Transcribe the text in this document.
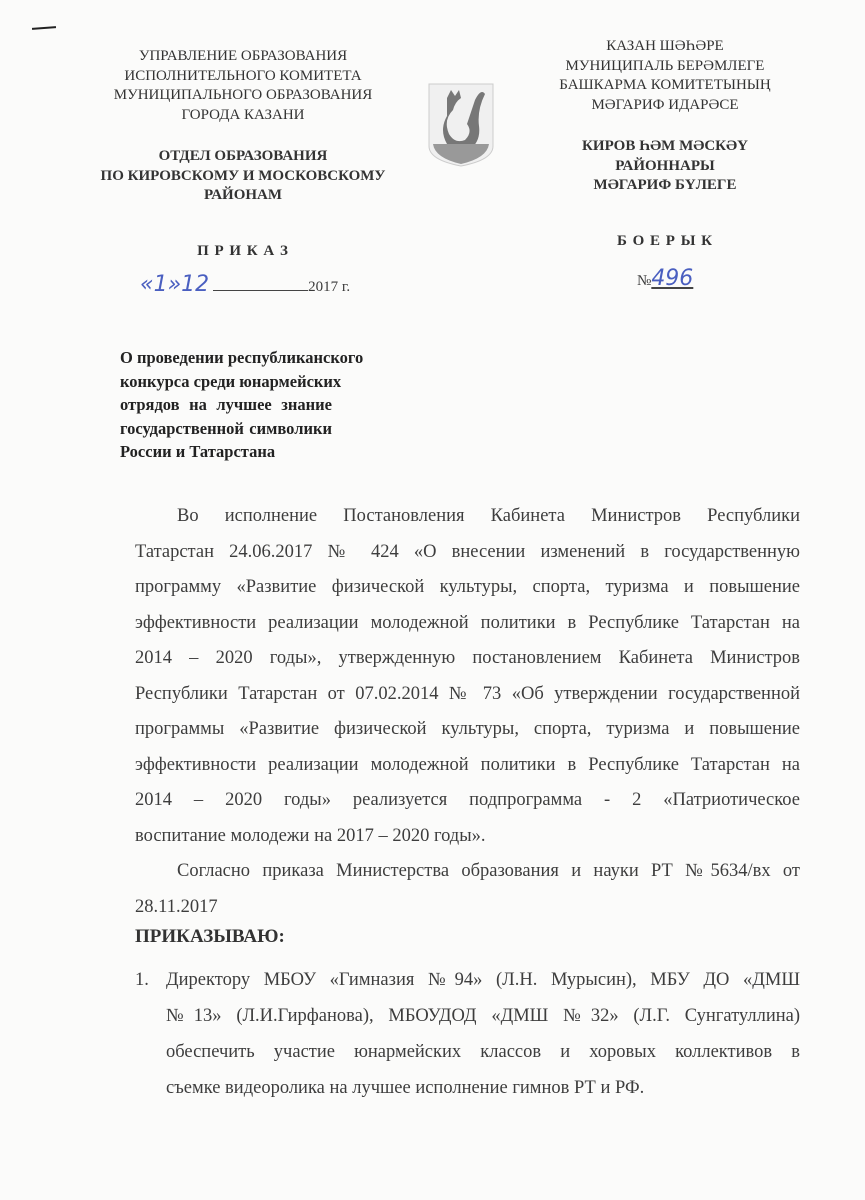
УПРАВЛЕНИЕ ОБРАЗОВАНИЯ
ИСПОЛНИТЕЛЬНОГО КОМИТЕТА
МУНИЦИПАЛЬНОГО ОБРАЗОВАНИЯ
ГОРОДА КАЗАНИ
ОТДЕЛ ОБРАЗОВАНИЯ
ПО КИРОВСКОМУ И МОСКОВСКОМУ
РАЙОНАМ
П Р И К А З
«1»12	2017 г.
КАЗАН ШӘҺӘРЕ
МУНИЦИПАЛЬ БЕРӘМЛЕГЕ
БАШКАРМА КОМИТЕТЫНЫҢ
МӘГАРИФ ИДАРӘСЕ
КИРОВ ҺӘМ МӘСКӘҮ
РАЙОННАРЫ
МӘГАРИФ БҮЛЕГЕ
Б О Е Р Ы К
№496
О проведении республиканского
конкурса среди юнармейских
отрядов на лучшее знание
государственной символики
России и Татарстана
Во исполнение Постановления Кабинета Министров Республики
Татарстан 24.06.2017 № 424 «О внесении изменений в государственную
программу «Развитие физической культуры, спорта, туризма и повышение
эффективности реализации молодежной политики в Республике Татарстан на
2014 – 2020 годы», утвержденную постановлением Кабинета Министров
Республики Татарстан от 07.02.2014 № 73 «Об утверждении государственной
программы «Развитие физической культуры, спорта, туризма и повышение
эффективности реализации молодежной политики в Республике Татарстан на
2014 – 2020 годы» реализуется подпрограмма - 2 «Патриотическое
воспитание молодежи на 2017 – 2020 годы».
Согласно приказа Министерства образования и науки РТ №5634/вх от
28.11.2017
ПРИКАЗЫВАЮ:
1. Директору МБОУ «Гимназия №94» (Л.Н. Мурысин), МБУ ДО «ДМШ
№13» (Л.И.Гирфанова), МБОУДОД «ДМШ №32» (Л.Г. Сунгатуллина)
обеспечить участие юнармейских классов и хоровых коллективов в
съемке видеоролика на лучшее исполнение гимнов РТ и РФ.
